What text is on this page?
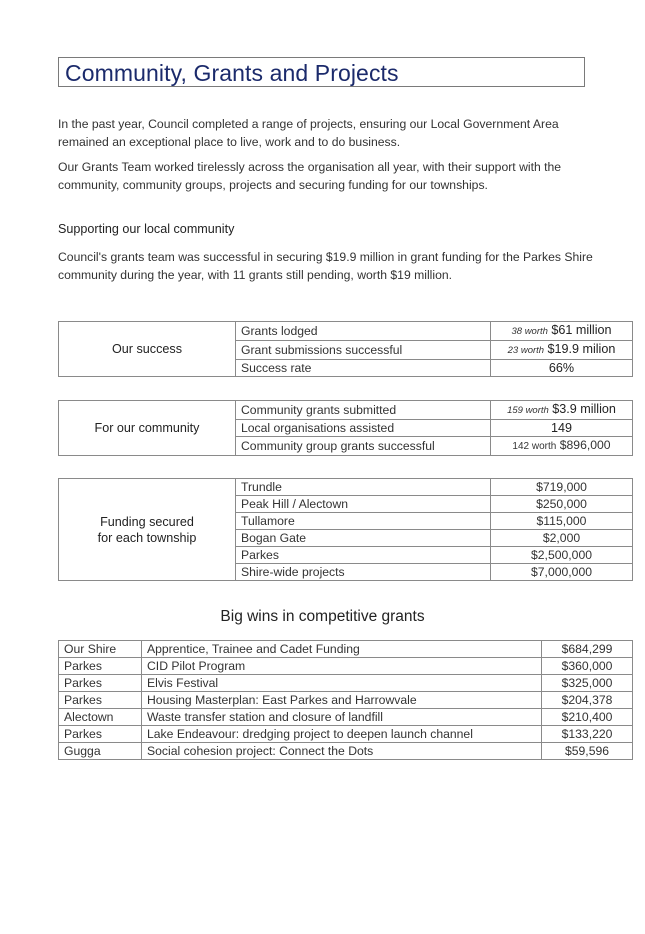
Community, Grants and Projects

In the past year, Council completed a range of projects, ensuring our Local Government Area remained an exceptional place to live, work and to do business.

Our Grants Team worked tirelessly across the organisation all year, with their support with the community, community groups, projects and securing funding for our townships.

Supporting our local community

Council's grants team was successful in securing $19.9 million in grant funding for the Parkes Shire community during the year, with 11 grants still pending, worth $19 million.

Our success	Grants lodged	38 worth $61 million
	Grant submissions successful	23 worth $19.9 milion
	Success rate	66%
For our community	Community grants submitted	159 worth $3.9 million
	Local organisations assisted	149
	Community group grants successful	142 worth $896,000
Funding secured
for each township	Trundle	$719,000
	Peak Hill / Alectown	$250,000
	Tullamore	$115,000
	Bogan Gate	$2,000
	Parkes	$2,500,000
	Shire-wide projects	$7,000,000
Big wins in competitive grants
Our Shire	Apprentice, Trainee and Cadet Funding	$684,299
Parkes	CID Pilot Program	$360,000
Parkes	Elvis Festival	$325,000
Parkes	Housing Masterplan: East Parkes and Harrowvale	$204,378
Alectown	Waste transfer station and closure of landfill	$210,400
Parkes	Lake Endeavour: dredging project to deepen launch channel	$133,220
Gugga	Social cohesion project: Connect the Dots	$59,596
